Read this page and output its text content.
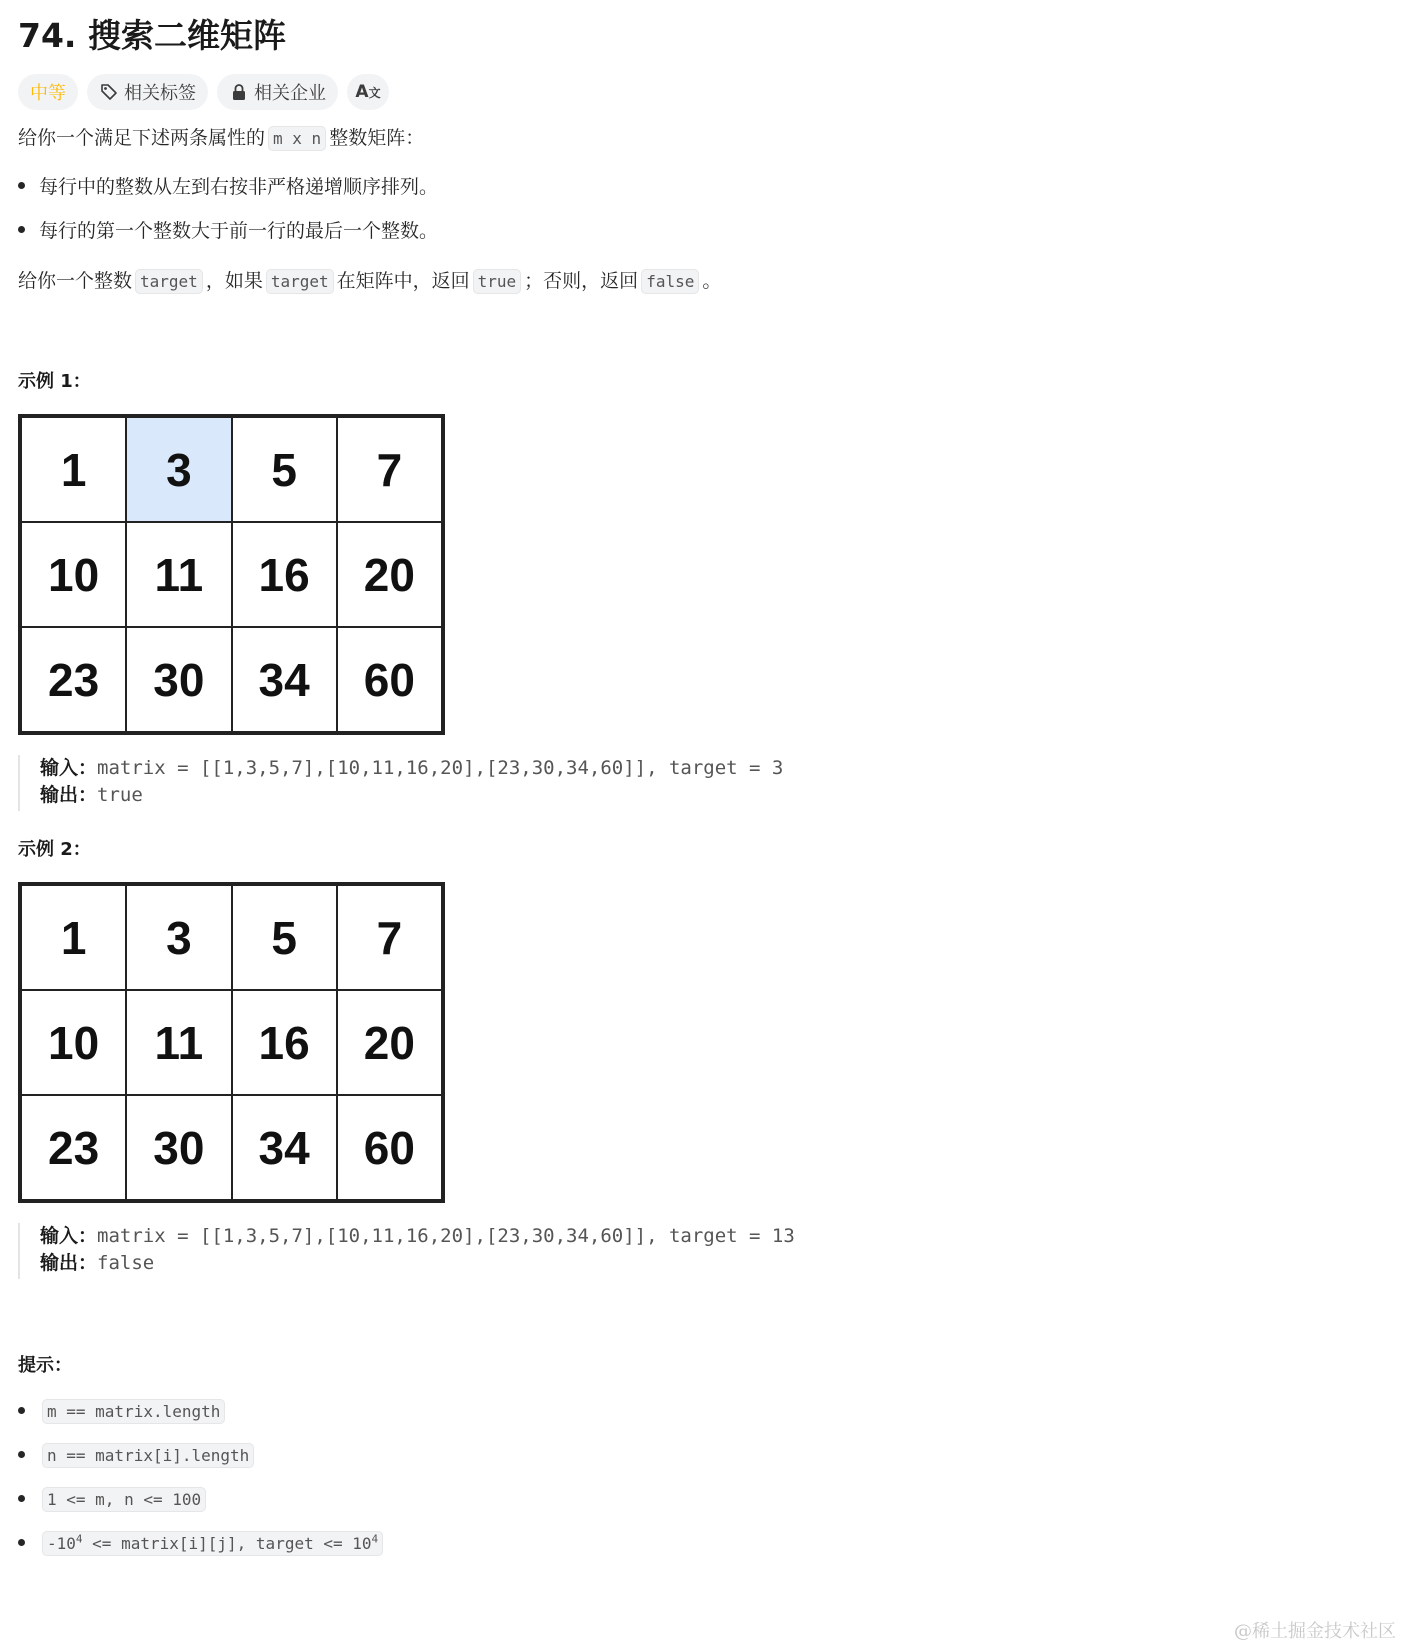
74. 搜索二维矩阵
中等	相关标签	相关企业 A文
给你一个满足下述两条属性的 m x n 整数矩阵：
每行中的整数从左到右按非严格递增顺序排列。
每行的第一个整数大于前一行的最后一个整数。
给你一个整数 target ，如果 target 在矩阵中，返回 true ；否则，返回 false 。
示例 1：
1	3	5	7
10	11	16	20
23	30	34	60
输入：matrix = [[1,3,5,7],[10,11,16,20],[23,30,34,60]], target = 3
输出：true
示例 2：
1	3	5	7
10	11	16	20
23	30	34	60
输入：matrix = [[1,3,5,7],[10,11,16,20],[23,30,34,60]], target = 13
输出：false
提示：
m == matrix.length
n == matrix[i].length
1 <= m, n <= 100
$-10^4$ <= matrix[i][j], target <= $10^4$
@稀土掘金技术社区
